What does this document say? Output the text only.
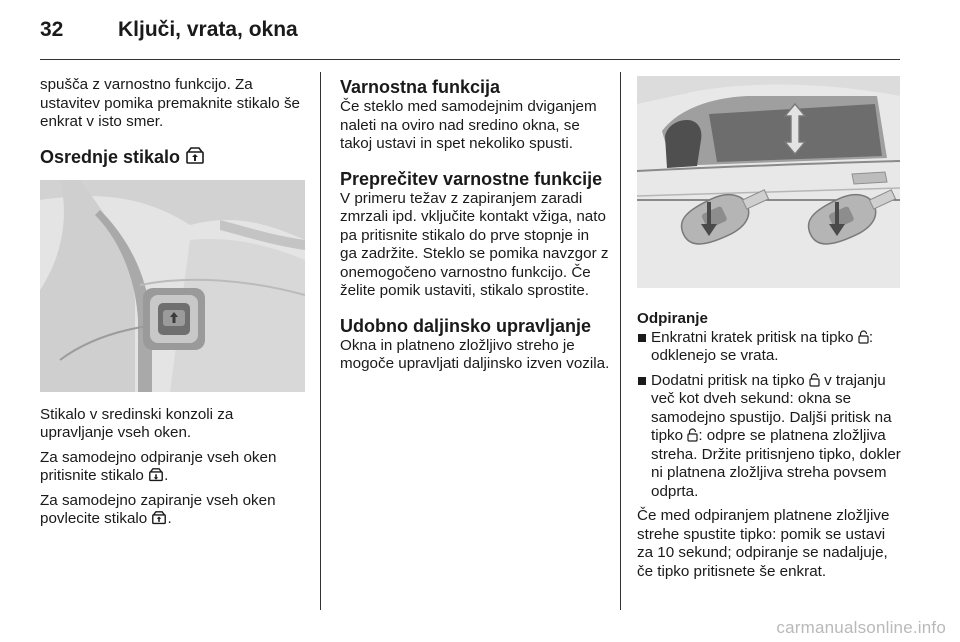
32	Ključi, vrata, okna

spušča z varnostno funkcijo. Za ustavitev pomika premaknite stikalo še enkrat v isto smer.

Osrednje stikalo

Stikalo v sredinski konzoli za upravljanje vseh oken.

Za samodejno odpiranje vseh oken pritisnite stikalo .

Za samodejno zapiranje vseh oken povlecite stikalo .

Varnostna funkcija

Če steklo med samodejnim dviganjem naleti na oviro nad sredino okna, se takoj ustavi in spet nekoliko spusti.

Preprečitev varnostne funkcije

V primeru težav z zapiranjem zaradi zmrzali ipd. vključite kontakt vžiga, nato pa pritisnite stikalo do prve stopnje in ga zadržite. Steklo se pomika navzgor z onemogočeno varnostno funkcijo. Če želite pomik ustaviti, stikalo sprostite.

Udobno daljinsko upravljanje

Okna in platneno zložljivo streho je mogoče upravljati daljinsko izven vozila.

Odpiranje
Enkratni kratek pritisk na tipko : odklenejo se vrata.
Dodatni pritisk na tipko  v trajanju več kot dveh sekund: okna se samodejno spustijo. Daljši pritisk na tipko : odpre se platnena zložljiva streha. Držite pritisnjeno tipko, dokler ni platnena zložljiva streha povsem odprta.

Če med odpiranjem platnene zložljive strehe spustite tipko: pomik se ustavi za 10 sekund; odpiranje se nadaljuje, če tipko pritisnete še enkrat.

carmanualsonline.info
